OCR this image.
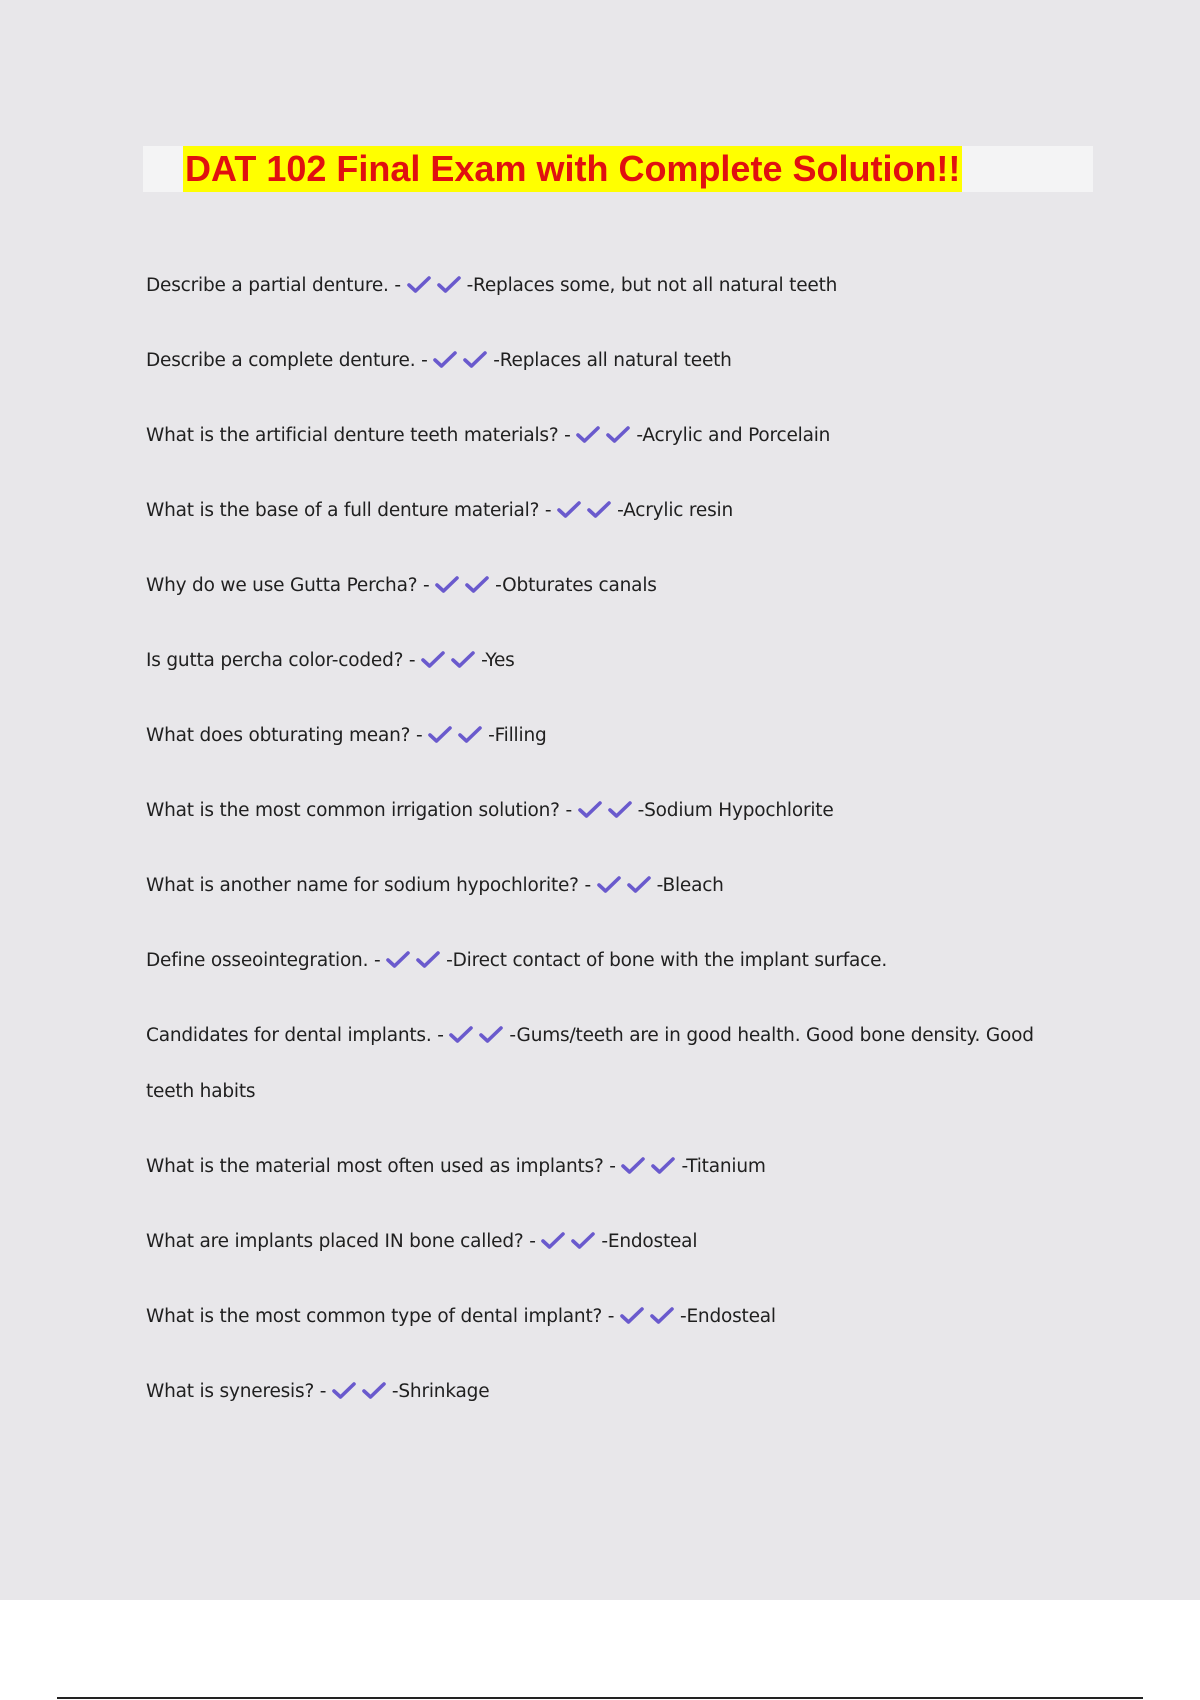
DAT 102 Final Exam with Complete Solution!!
Describe a partial denture. -	-Replaces some, but not all natural teeth
Describe a complete denture. -	-Replaces all natural teeth
What is the artificial denture teeth materials? -	-Acrylic and Porcelain
What is the base of a full denture material? -	-Acrylic resin
Why do we use Gutta Percha? -	-Obturates canals
Is gutta percha color-coded? -	-Yes
What does obturating mean? -	-Filling
What is the most common irrigation solution? -	-Sodium Hypochlorite
What is another name for sodium hypochlorite? -	-Bleach
Define osseointegration. -	-Direct contact of bone with the implant surface.
Candidates for dental implants. -	-Gums/teeth are in good health. Good bone density. Good teeth habits
What is the material most often used as implants? -	-Titanium
What are implants placed IN bone called? -	-Endosteal
What is the most common type of dental implant? -	-Endosteal
What is syneresis? -	-Shrinkage
